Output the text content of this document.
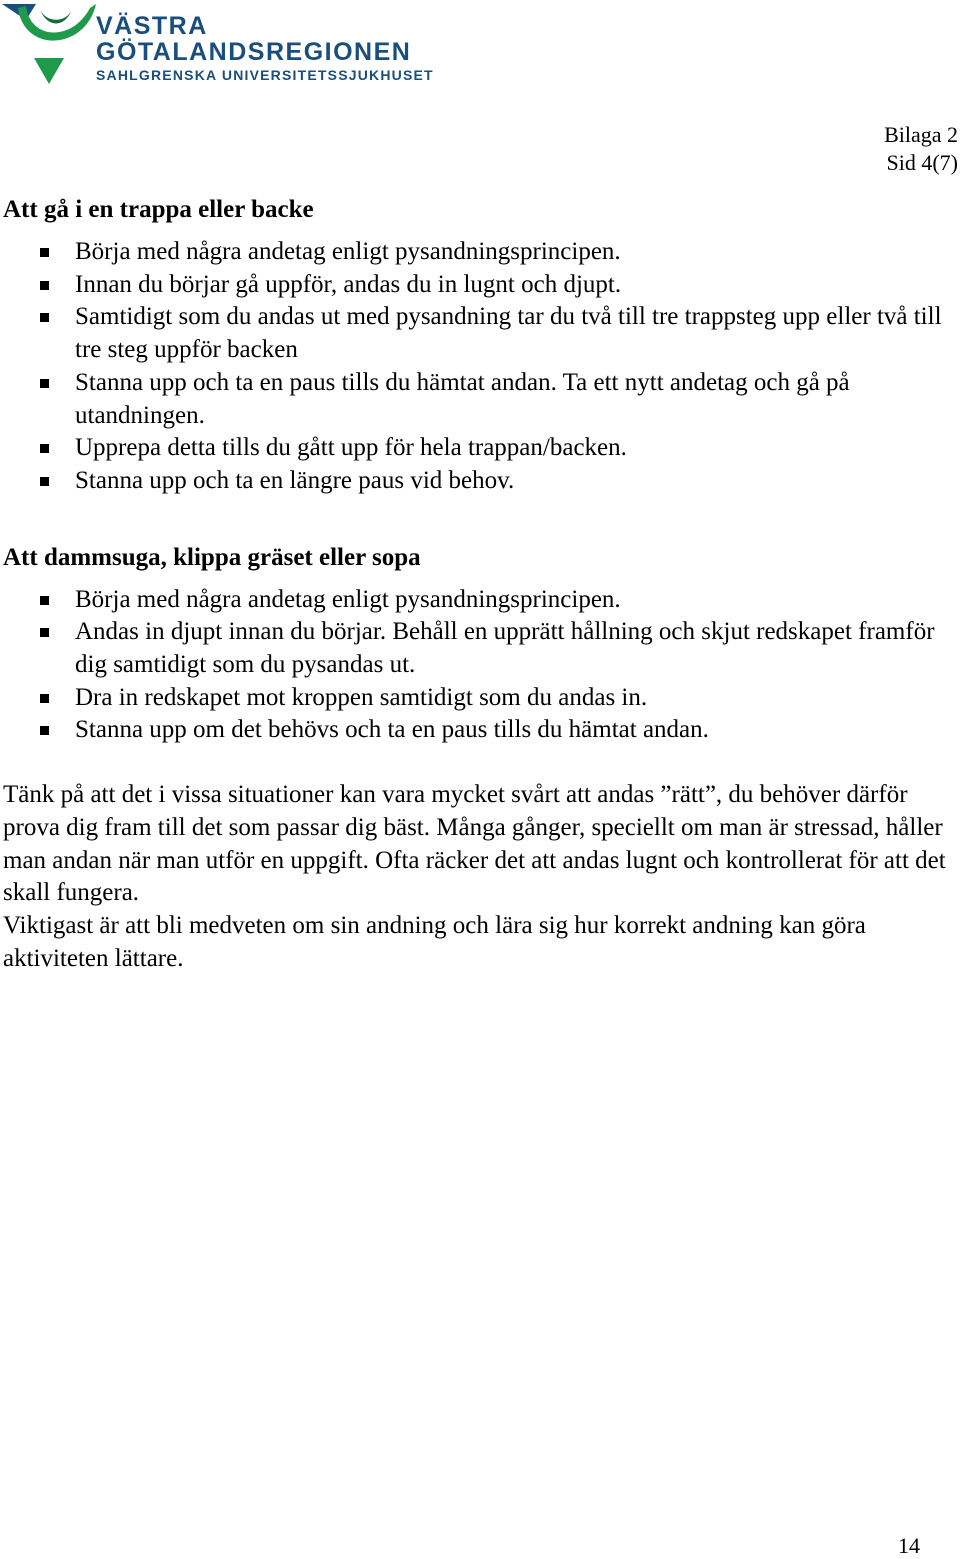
VÄSTRA
GÖTALANDSREGIONEN
SAHLGRENSKA UNIVERSITETSSJUKHUSET
Bilaga 2
Sid 4(7)
Att gå i en trappa eller backe
Börja med några andetag enligt pysandningsprincipen.
Innan du börjar gå uppför, andas du in lugnt och djupt.
Samtidigt som du andas ut med pysandning tar du två till tre trappsteg upp eller två till tre steg uppför backen
Stanna upp och ta en paus tills du hämtat andan. Ta ett nytt andetag och gå på utandningen.
Upprepa detta tills du gått upp för hela trappan/backen.
Stanna upp och ta en längre paus vid behov.
Att dammsuga, klippa gräset eller sopa
Börja med några andetag enligt pysandningsprincipen.
Andas in djupt innan du börjar. Behåll en upprätt hållning och skjut redskapet framför dig samtidigt som du pysandas ut.
Dra in redskapet mot kroppen samtidigt som du andas in.
Stanna upp om det behövs och ta en paus tills du hämtat andan.

Tänk på att det i vissa situationer kan vara mycket svårt att andas ”rätt”, du behöver därför prova dig fram till det som passar dig bäst. Många gånger, speciellt om man är stressad, håller man andan när man utför en uppgift. Ofta räcker det att andas lugnt och kontrollerat för att det skall fungera.

Viktigast är att bli medveten om sin andning och lära sig hur korrekt andning kan göra aktiviteten lättare.

14
